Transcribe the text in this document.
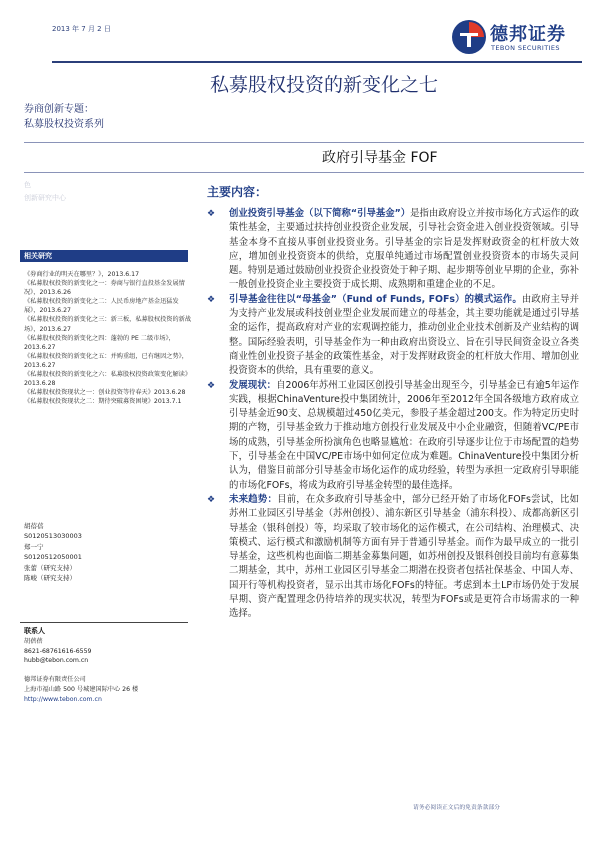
2013 年 7 月 2 日	德邦证券
TEBON SECURITIES
私募股权投资的新变化之七
券商创新专题：
私募股权投资系列
政府引导基金 FOF
色
创新研究中心
相关研究
《券商行业的明天在哪里？》，2013.6.17
《私募股权投资的新变化之一：券商与银行直投基金发展情况》，2013.6.26
《私募股权投资的新变化之二：人民币房地产基金迅猛发展》，2013.6.27
《私募股权投资的新变化之三：新三板，私募股权投资的新战场》，2013.6.27
《私募股权投资的新变化之四：蓬勃的 PE 二级市场》，2013.6.27
《私募股权投资的新变化之五：并购重组，已有继因之势》，2013.6.27
《私募股权投资的新变化之六：私募股权投资政策变化解读》2013.6.28
《私募股权投资现状之一：创业投资等待春天》2013.6.28
《私募股权投资现状之二：期待突破募资困境》2013.7.1
胡蓓蓓
S0120513030003
郑一宁
S0120512050001
张蕾（研究支持）
陈峻（研究支持）
联系人
胡蓓蓓
8621-68761616-6559
hubb@tebon.com.cn

德邦证券有限责任公司
上海市福山路 500 号城建国际中心 26 楼
http://www.tebon.com.cn
主要内容：
❖ 创业投资引导基金（以下简称“引导基金”）是指由政府设立并按市场化方式运作的政策性基金，主要通过扶持创业投资企业发展，引导社会资金进入创业投资领域。引导基金本身不直接从事创业投资业务。引导基金的宗旨是发挥财政资金的杠杆放大效应，增加创业投资资本的供给，克服单纯通过市场配置创业投资资本的市场失灵问题。特别是通过鼓励创业投资企业投资处于种子期、起步期等创业早期的企业，弥补一般创业投资企业主要投资于成长期、成熟期和重建企业的不足。
❖ 引导基金往往以“母基金”（Fund of Funds, FOFs）的模式运作。由政府主导并为支持产业发展或科技创业型企业发展而建立的母基金，其主要功能就是通过引导基金的运作，提高政府对产业的宏观调控能力，推动创业企业技术创新及产业结构的调整。国际经验表明，引导基金作为一种由政府出资设立、旨在引导民间资金设立各类商业性创业投资子基金的政策性基金，对于发挥财政资金的杠杆放大作用、增加创业投资资本的供给，具有重要的意义。
❖ 发展现状：自2006年苏州工业园区创投引导基金出现至今，引导基金已有逾5年运作实践，根据ChinaVenture投中集团统计，2006年至2012年全国各级地方政府成立引导基金近90支、总规模超过450亿美元，参股子基金超过200支。作为特定历史时期的产物，引导基金致力于推动地方创投行业发展及中小企业融资，但随着VC/PE市场的成熟，引导基金所扮演角色也略显尴尬：在政府引导逐步让位于市场配置的趋势下，引导基金在中国VC/PE市场中如何定位成为难题。ChinaVenture投中集团分析认为，借鉴目前部分引导基金市场化运作的成功经验，转型为承担一定政府引导职能的市场化FOFs，将成为政府引导基金转型的最佳选择。
❖ 未来趋势：目前，在众多政府引导基金中，部分已经开始了市场化FOFs尝试，比如苏州工业园区引导基金（苏州创投）、浦东新区引导基金（浦东科投）、成都高新区引导基金（银科创投）等，均采取了较市场化的运作模式，在公司结构、治理模式、决策模式、运行模式和激励机制等方面有异于普通引导基金。而作为最早成立的一批引导基金，这些机构也面临二期基金募集问题，如苏州创投及银科创投目前均有意募集二期基金，其中，苏州工业园区引导基金二期潜在投资者包括社保基金、中国人寿、国开行等机构投资者，显示出其市场化FOFs的特征。考虑到本土LP市场仍处于发展早期、资产配置理念仍待培养的现实状况，转型为FOFs或是更符合市场需求的一种选择。
请务必阅读正文后的免责条款部分
